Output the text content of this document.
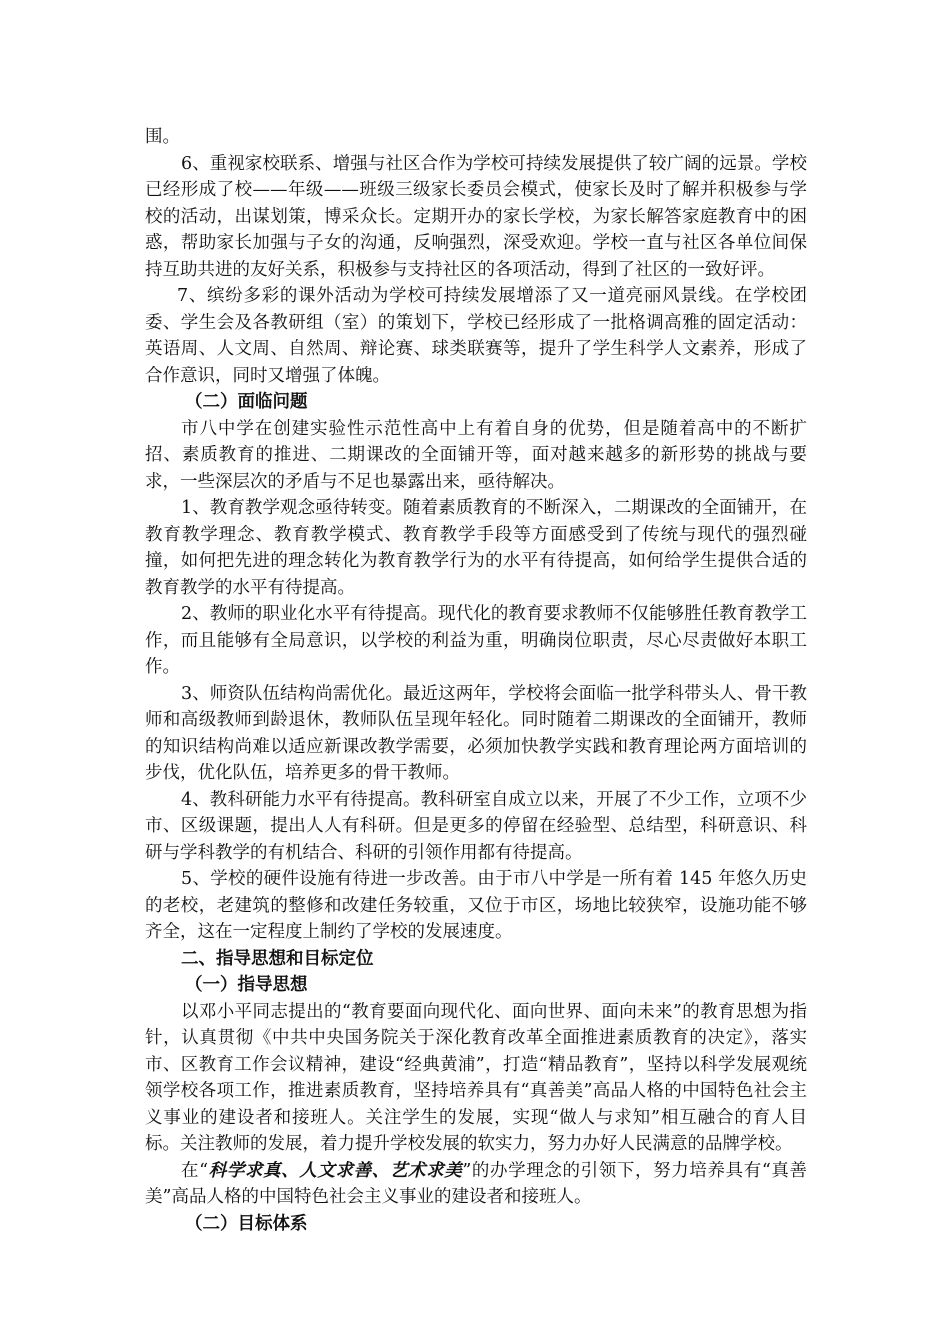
围。

6、重视家校联系、增强与社区合作为学校可持续发展提供了较广阔的远景。学校已经形成了校——年级——班级三级家长委员会模式，使家长及时了解并积极参与学校的活动，出谋划策，博采众长。定期开办的家长学校，为家长解答家庭教育中的困惑，帮助家长加强与子女的沟通，反响强烈，深受欢迎。学校一直与社区各单位间保持互助共进的友好关系，积极参与支持社区的各项活动，得到了社区的一致好评。

7、缤纷多彩的课外活动为学校可持续发展增添了又一道亮丽风景线。在学校团委、学生会及各教研组（室）的策划下，学校已经形成了一批格调高雅的固定活动：英语周、人文周、自然周、辩论赛、球类联赛等，提升了学生科学人文素养，形成了合作意识，同时又增强了体魄。

（二）面临问题

市八中学在创建实验性示范性高中上有着自身的优势，但是随着高中的不断扩招、素质教育的推进、二期课改的全面铺开等，面对越来越多的新形势的挑战与要求，一些深层次的矛盾与不足也暴露出来，亟待解决。

1、教育教学观念亟待转变。随着素质教育的不断深入，二期课改的全面铺开，在教育教学理念、教育教学模式、教育教学手段等方面感受到了传统与现代的强烈碰撞，如何把先进的理念转化为教育教学行为的水平有待提高，如何给学生提供合适的教育教学的水平有待提高。

2、教师的职业化水平有待提高。现代化的教育要求教师不仅能够胜任教育教学工作，而且能够有全局意识，以学校的利益为重，明确岗位职责，尽心尽责做好本职工作。

3、师资队伍结构尚需优化。最近这两年，学校将会面临一批学科带头人、骨干教师和高级教师到龄退休，教师队伍呈现年轻化。同时随着二期课改的全面铺开，教师的知识结构尚难以适应新课改教学需要，必须加快教学实践和教育理论两方面培训的步伐，优化队伍，培养更多的骨干教师。

4、教科研能力水平有待提高。教科研室自成立以来，开展了不少工作，立项不少市、区级课题，提出人人有科研。但是更多的停留在经验型、总结型，科研意识、科研与学科教学的有机结合、科研的引领作用都有待提高。

5、学校的硬件设施有待进一步改善。由于市八中学是一所有着 145 年悠久历史的老校，老建筑的整修和改建任务较重，又位于市区，场地比较狭窄，设施功能不够齐全，这在一定程度上制约了学校的发展速度。

二、指导思想和目标定位

（一）指导思想

以邓小平同志提出的“教育要面向现代化、面向世界、面向未来”的教育思想为指针，认真贯彻《中共中央国务院关于深化教育改革全面推进素质教育的决定》，落实市、区教育工作会议精神，建设“经典黄浦”，打造“精品教育”，坚持以科学发展观统领学校各项工作，推进素质教育，坚持培养具有“真善美”高品人格的中国特色社会主义事业的建设者和接班人。关注学生的发展，实现“做人与求知”相互融合的育人目标。关注教师的发展，着力提升学校发展的软实力，努力办好人民满意的品牌学校。

在“科学求真、人文求善、艺术求美”的办学理念的引领下，努力培养具有“真善美”高品人格的中国特色社会主义事业的建设者和接班人。

（二）目标体系
